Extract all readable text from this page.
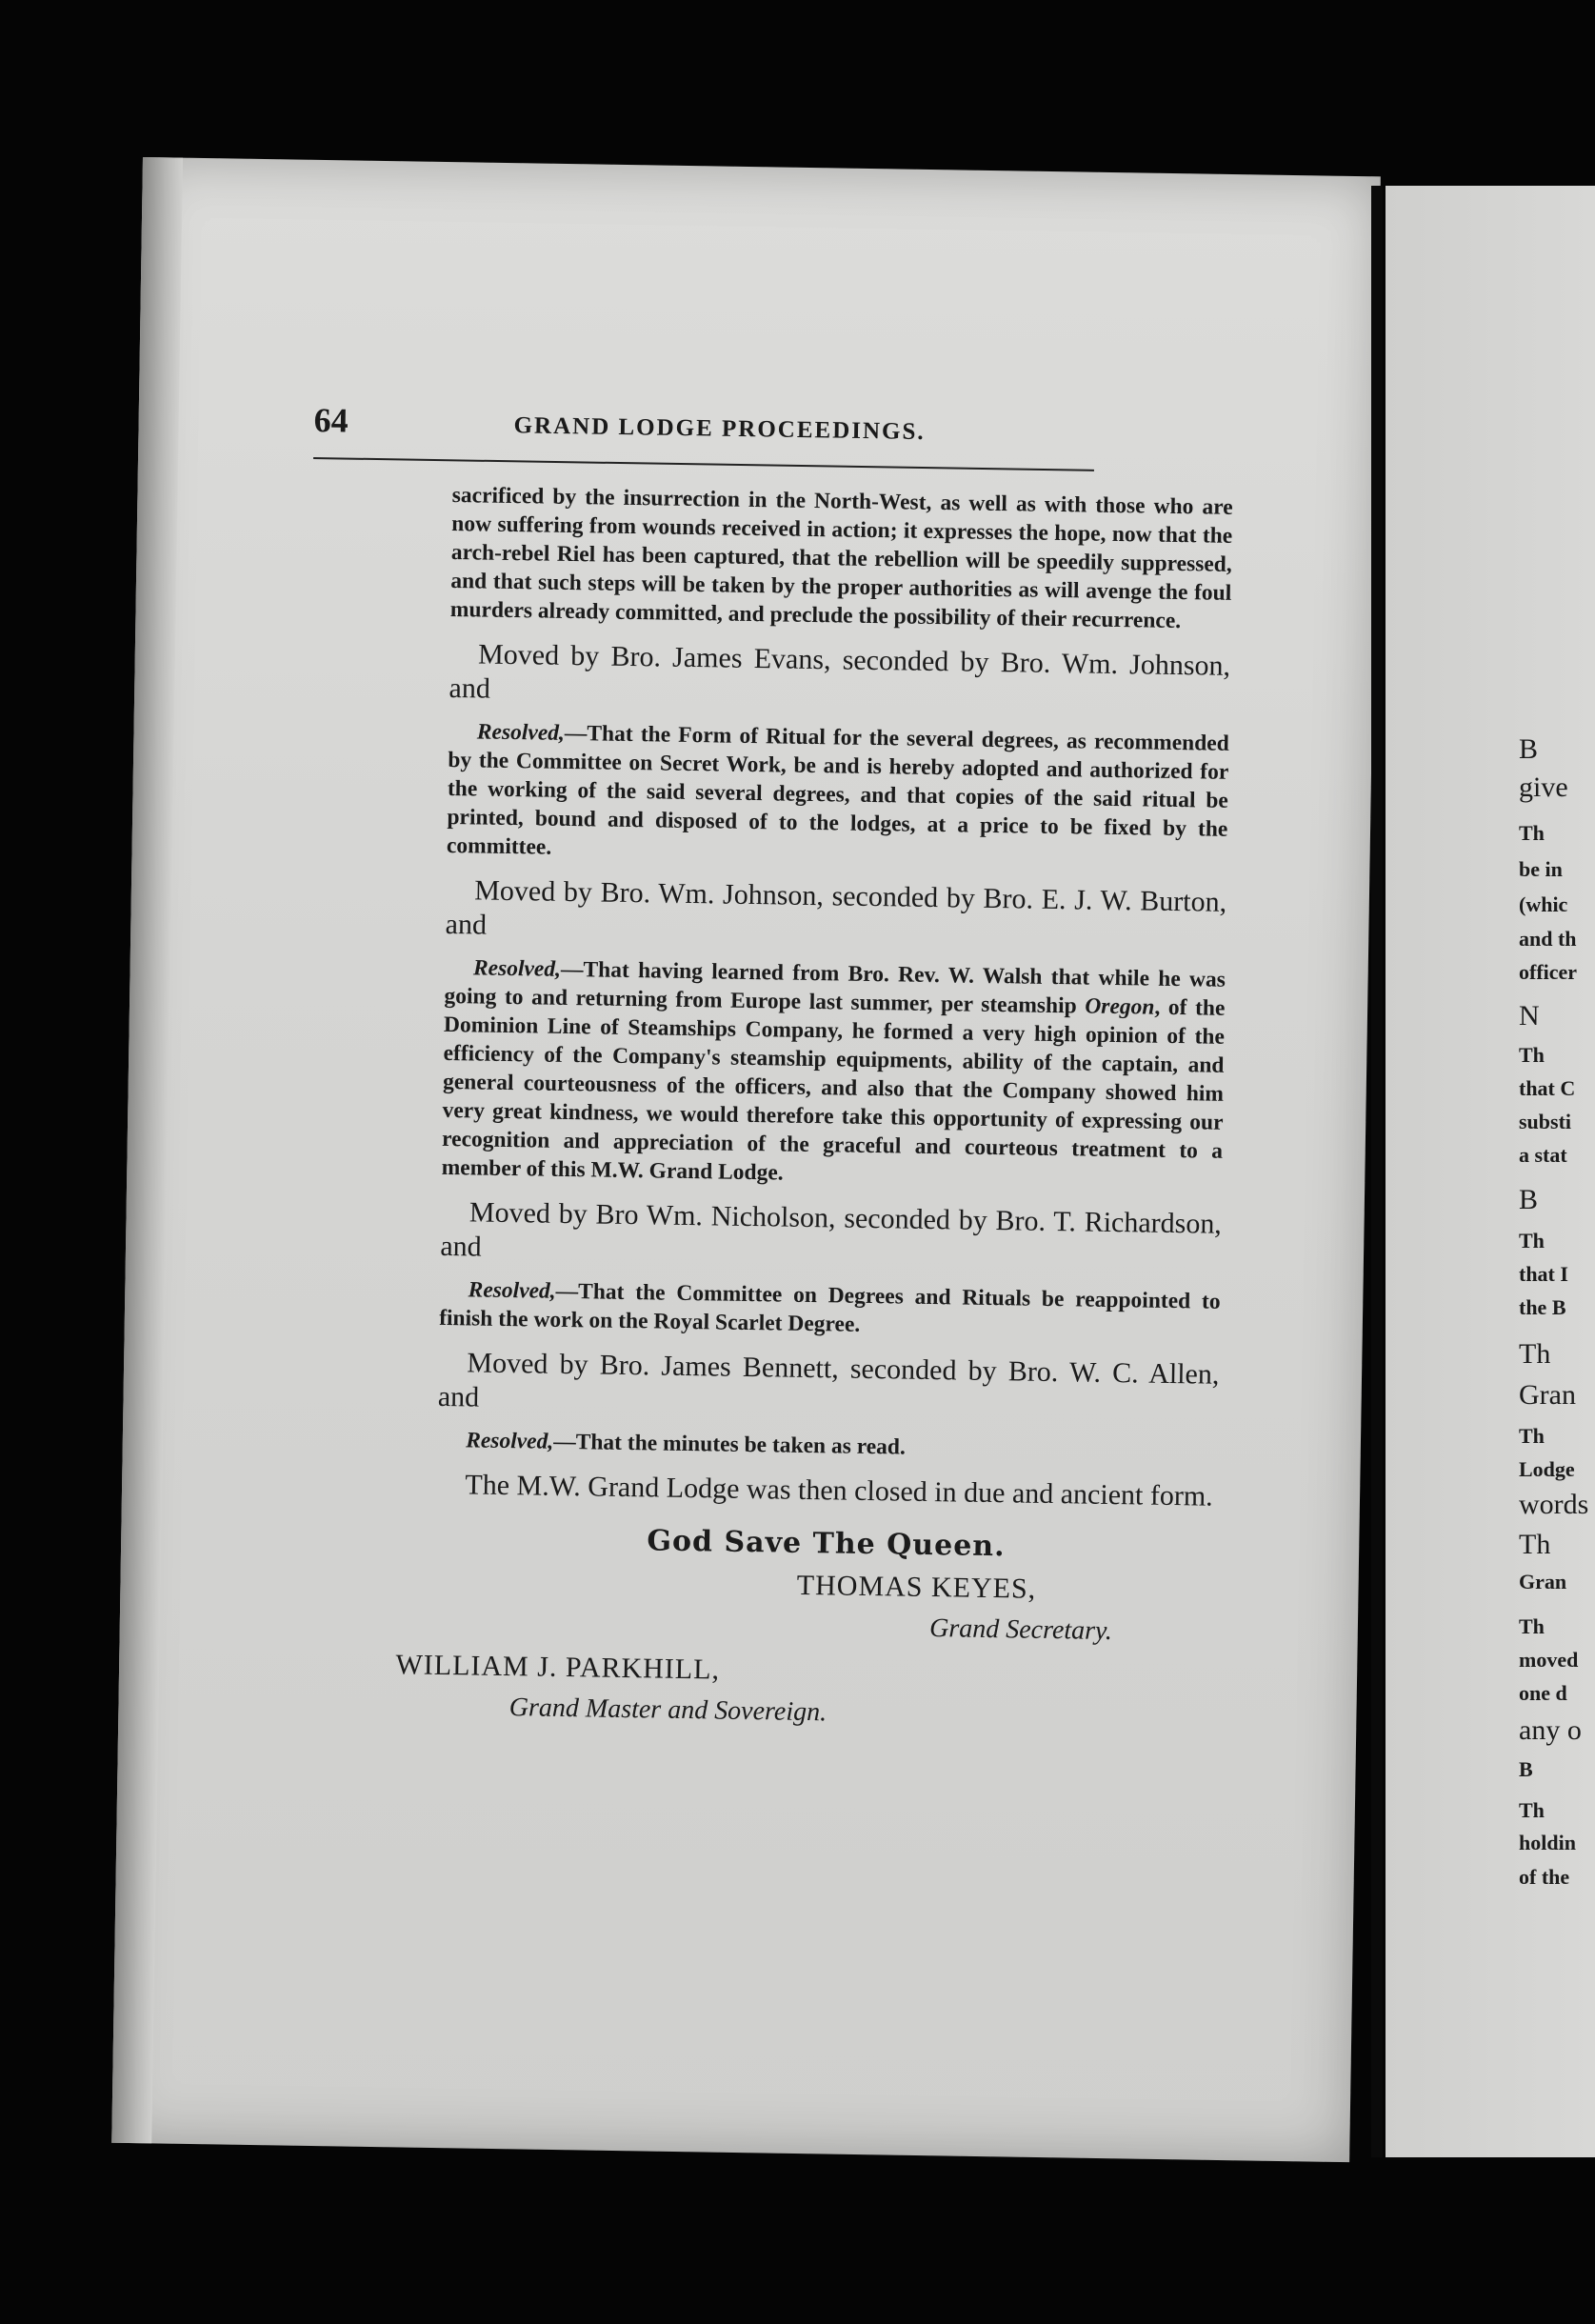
B
give
Th
be in
(whic
and th
officer
N
Th
that C
substi
a stat
B
Th
that I
the B
Th
Gran
Th
Lodge
words
Th
Gran
Th
moved
one d
any o
B
Th
holdin
of the
64	GRAND LODGE PROCEEDINGS.

sacrificed by the insurrection in the North-West, as well as with those who are now suffering from wounds received in action; it expresses the hope, now that the arch-rebel Riel has been captured, that the rebellion will be speedily suppressed, and that such steps will be taken by the proper authorities as will avenge the foul murders already committed, and preclude the possibility of their recurrence.

Moved by Bro. James Evans, seconded by Bro. Wm. Johnson, and

Resolved,—That the Form of Ritual for the several degrees, as recommended by the Committee on Secret Work, be and is hereby adopted and authorized for the working of the said several degrees, and that copies of the said ritual be printed, bound and disposed of to the lodges, at a price to be fixed by the committee.

Moved by Bro. Wm. Johnson, seconded by Bro. E. J. W. Burton, and

Resolved,—That having learned from Bro. Rev. W. Walsh that while he was going to and returning from Europe last summer, per steamship Oregon, of the Dominion Line of Steamships Company, he formed a very high opinion of the efficiency of the Company's steamship equipments, ability of the captain, and general courteousness of the officers, and also that the Company showed him very great kindness, we would therefore take this opportunity of expressing our recognition and appreciation of the graceful and courteous treatment to a member of this M.W. Grand Lodge.

Moved by Bro Wm. Nicholson, seconded by Bro. T. Richardson, and

Resolved,—That the Committee on Degrees and Rituals be reappointed to finish the work on the Royal Scarlet Degree.

Moved by Bro. James Bennett, seconded by Bro. W. C. Allen, and

Resolved,—That the minutes be taken as read.

The M.W. Grand Lodge was then closed in due and ancient form.

God Save The Queen.
THOMAS KEYES,
Grand Secretary.
WILLIAM J. PARKHILL,
Grand Master and Sovereign.
